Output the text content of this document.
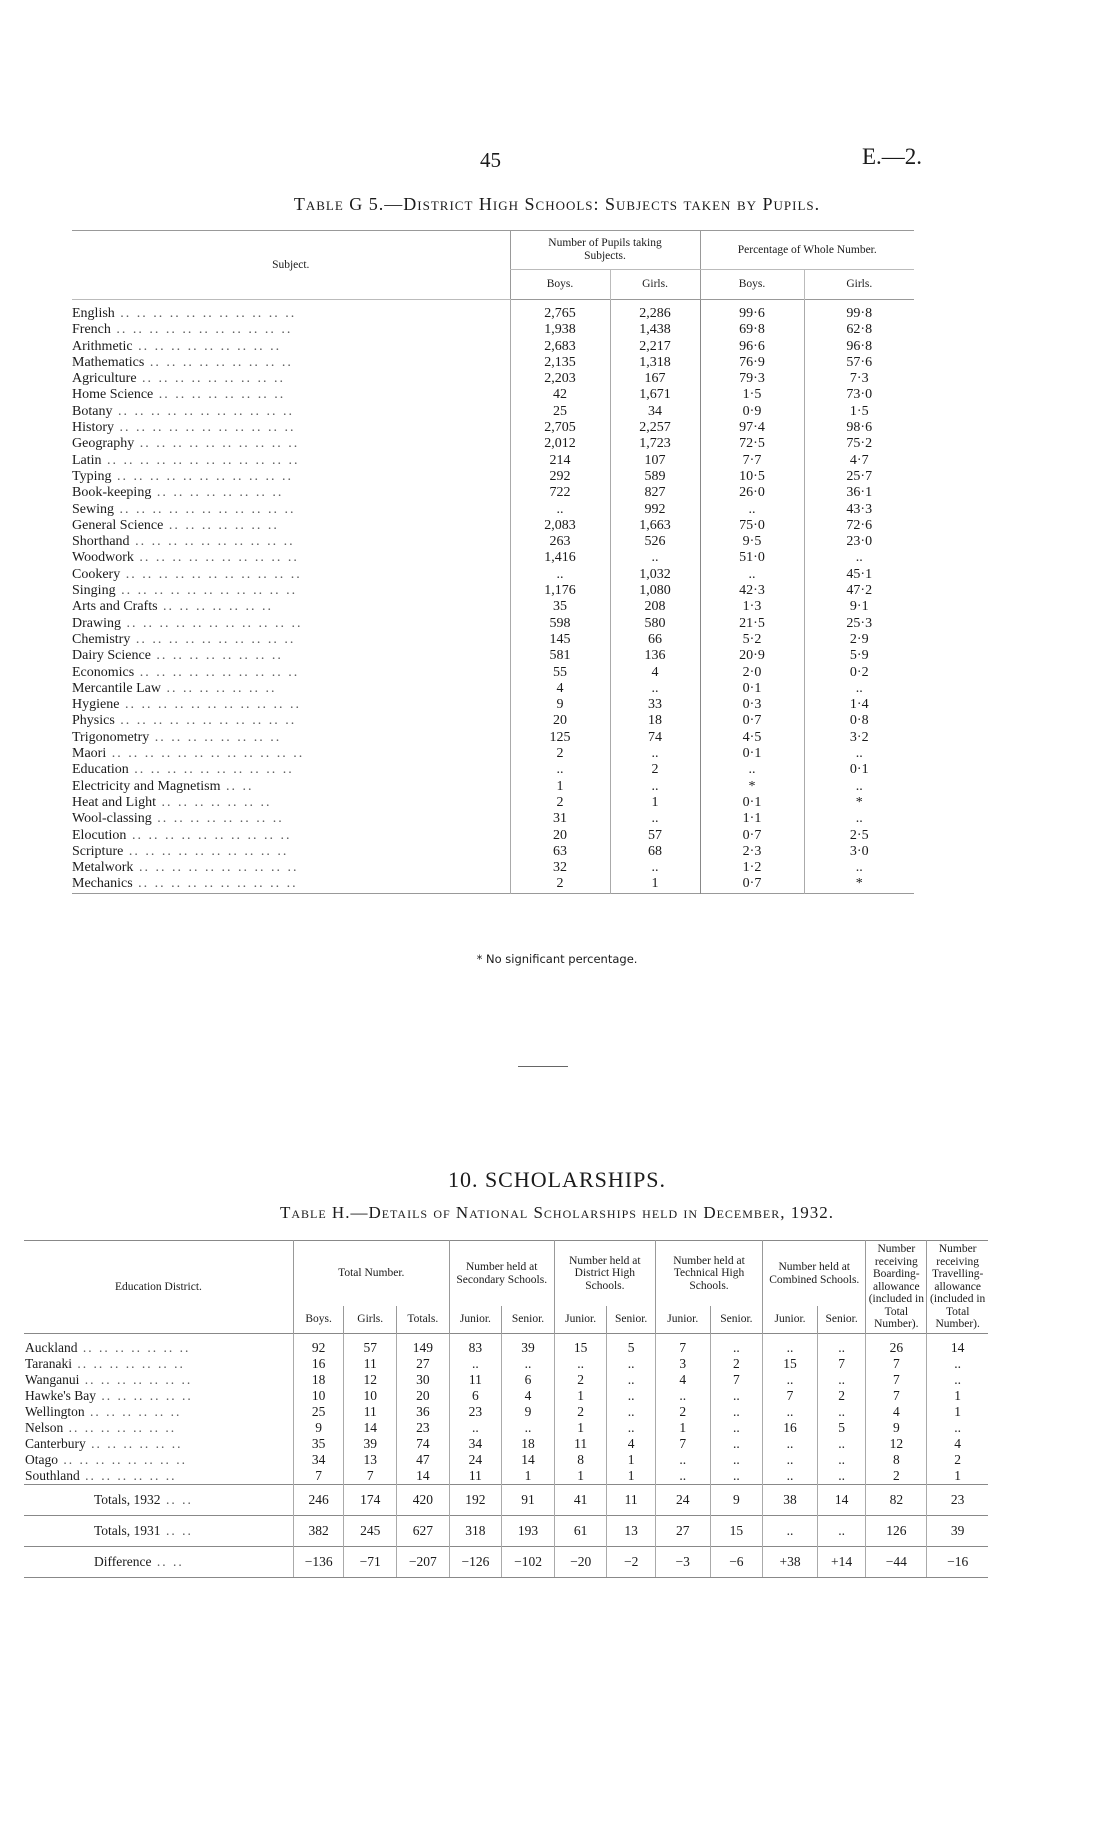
45	E.—2.
Table G 5.—District High Schools: Subjects taken by Pupils.
Subject.	Number of Pupils taking Subjects.		Percentage of Whole Number.	
	Boys.	Girls.	Boys.	Girls.
English .. .. .. .. .. .. .. .. .. .. ..	2,765	2,286	99·6	99·8
French .. .. .. .. .. .. .. .. .. .. ..	1,938	1,438	69·8	62·8
Arithmetic .. .. .. .. .. .. .. .. ..	2,683	2,217	96·6	96·8
Mathematics .. .. .. .. .. .. .. .. ..	2,135	1,318	76·9	57·6
Agriculture .. .. .. .. .. .. .. .. ..	2,203	167	79·3	7·3
Home Science .. .. .. .. .. .. .. ..	42	1,671	1·5	73·0
Botany .. .. .. .. .. .. .. .. .. .. ..	25	34	0·9	1·5
History .. .. .. .. .. .. .. .. .. .. ..	2,705	2,257	97·4	98·6
Geography .. .. .. .. .. .. .. .. .. ..	2,012	1,723	72·5	75·2
Latin .. .. .. .. .. .. .. .. .. .. .. ..	214	107	7·7	4·7
Typing .. .. .. .. .. .. .. .. .. .. ..	292	589	10·5	25·7
Book-keeping .. .. .. .. .. .. .. ..	722	827	26·0	36·1
Sewing .. .. .. .. .. .. .. .. .. .. ..	..	992	..	43·3
General Science .. .. .. .. .. .. ..	2,083	1,663	75·0	72·6
Shorthand .. .. .. .. .. .. .. .. .. ..	263	526	9·5	23·0
Woodwork .. .. .. .. .. .. .. .. .. ..	1,416	..	51·0	..
Cookery .. .. .. .. .. .. .. .. .. .. ..	..	1,032	..	45·1
Singing .. .. .. .. .. .. .. .. .. .. ..	1,176	1,080	42·3	47·2
Arts and Crafts .. .. .. .. .. .. ..	35	208	1·3	9·1
Drawing .. .. .. .. .. .. .. .. .. .. ..	598	580	21·5	25·3
Chemistry .. .. .. .. .. .. .. .. .. ..	145	66	5·2	2·9
Dairy Science .. .. .. .. .. .. .. ..	581	136	20·9	5·9
Economics .. .. .. .. .. .. .. .. .. ..	55	4	2·0	0·2
Mercantile Law .. .. .. .. .. .. ..	4	..	0·1	..
Hygiene .. .. .. .. .. .. .. .. .. .. ..	9	33	0·3	1·4
Physics .. .. .. .. .. .. .. .. .. .. ..	20	18	0·7	0·8
Trigonometry .. .. .. .. .. .. .. ..	125	74	4·5	3·2
Maori .. .. .. .. .. .. .. .. .. .. .. ..	2	..	0·1	..
Education .. .. .. .. .. .. .. .. .. ..	..	2	..	0·1
Electricity and Magnetism .. ..	1	..	*	..
Heat and Light .. .. .. .. .. .. ..	2	1	0·1	*
Wool-classing .. .. .. .. .. .. .. ..	31	..	1·1	..
Elocution .. .. .. .. .. .. .. .. .. ..	20	57	0·7	2·5
Scripture .. .. .. .. .. .. .. .. .. ..	63	68	2·3	3·0
Metalwork .. .. .. .. .. .. .. .. .. ..	32	..	1·2	..
Mechanics .. .. .. .. .. .. .. .. .. ..	2	1	0·7	*
* No significant percentage.
10. SCHOLARSHIPS.
Table H.—Details of National Scholarships held in December, 1932.
Education District.	Total Number.			Number held at Secondary Schools.		Number held at District High Schools.		Number held at Technical High Schools.		Number held at Combined Schools.		Number receiving Boarding-allowance (included in Total Number).	Number receiving Travelling-allowance (included in Total Number).
	Boys.	Girls.	Totals.	Junior.	Senior.	Junior.	Senior.	Junior.	Senior.	Junior.	Senior.		
Auckland .. .. .. .. .. .. ..	92	57	149	83	39	15	5	7	..	..	..	26	14
Taranaki .. .. .. .. .. .. ..	16	11	27	..	..	..	..	3	2	15	7	7	..
Wanganui .. .. .. .. .. .. ..	18	12	30	11	6	2	..	4	7	..	..	7	..
Hawke's Bay .. .. .. .. .. ..	10	10	20	6	4	1	..	..	..	7	2	7	1
Wellington .. .. .. .. .. ..	25	11	36	23	9	2	..	2	..	..	..	4	1
Nelson .. .. .. .. .. .. ..	9	14	23	..	..	1	..	1	..	16	5	9	..
Canterbury .. .. .. .. .. ..	35	39	74	34	18	11	4	7	..	..	..	12	4
Otago .. .. .. .. .. .. .. ..	34	13	47	24	14	8	1	..	..	..	..	8	2
Southland .. .. .. .. .. ..	7	7	14	11	1	1	1	..	..	..	..	2	1
Totals, 1932 .. ..	246	174	420	192	91	41	11	24	9	38	14	82	23
Totals, 1931 .. ..	382	245	627	318	193	61	13	27	15	..	..	126	39
Difference .. ..	−136	−71	−207	−126	−102	−20	−2	−3	−6	+38	+14	−44	−16
